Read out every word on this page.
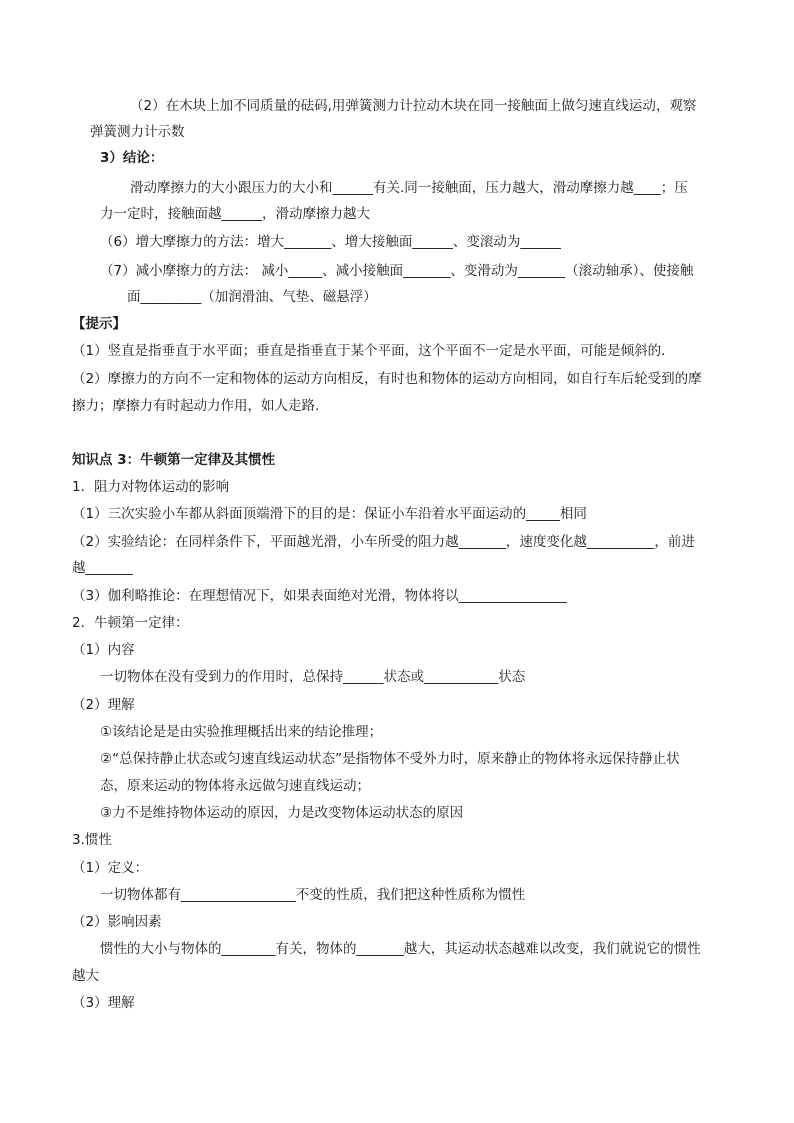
（2）在木块上加不同质量的砝码,用弹簧测力计拉动木块在同一接触面上做匀速直线运动，观察
弹簧测力计示数
3）结论：
滑动摩擦力的大小跟压力的大小和______有关.同一接触面，压力越大，滑动摩擦力越____；压
力一定时，接触面越______，滑动摩擦力越大
（6）增大摩擦力的方法：增大_______、增大接触面______、变滚动为______
（7）减小摩擦力的方法： 减小_____、减小接触面_______、变滑动为_______（滚动轴承）、使接触
面_________（加润滑油、气垫、磁悬浮）
【提示】
（1）竖直是指垂直于水平面；垂直是指垂直于某个平面，这个平面不一定是水平面，可能是倾斜的.
（2）摩擦力的方向不一定和物体的运动方向相反，有时也和物体的运动方向相同，如自行车后轮受到的摩
擦力；摩擦力有时起动力作用，如人走路.
知识点 3：牛顿第一定律及其惯性
1．阻力对物体运动的影响
（1）三次实验小车都从斜面顶端滑下的目的是：保证小车沿着水平面运动的_____相同
（2）实验结论：在同样条件下，平面越光滑，小车所受的阻力越_______，速度变化越__________，前进
越_______
（3）伽利略推论：在理想情况下，如果表面绝对光滑，物体将以________________
2．牛顿第一定律：
（1）内容
一切物体在没有受到力的作用时，总保持______状态或___________状态
（2）理解
①该结论是是由实验推理概括出来的结论推理；
②“总保持静止状态或匀速直线运动状态”是指物体不受外力时，原来静止的物体将永远保持静止状
态，原来运动的物体将永远做匀速直线运动；
③力不是维持物体运动的原因，力是改变物体运动状态的原因
3.惯性
（1）定义：
一切物体都有_________________不变的性质，我们把这种性质称为惯性
（2）影响因素
惯性的大小与物体的________有关，物体的_______越大，其运动状态越难以改变，我们就说它的惯性
越大
（3）理解
